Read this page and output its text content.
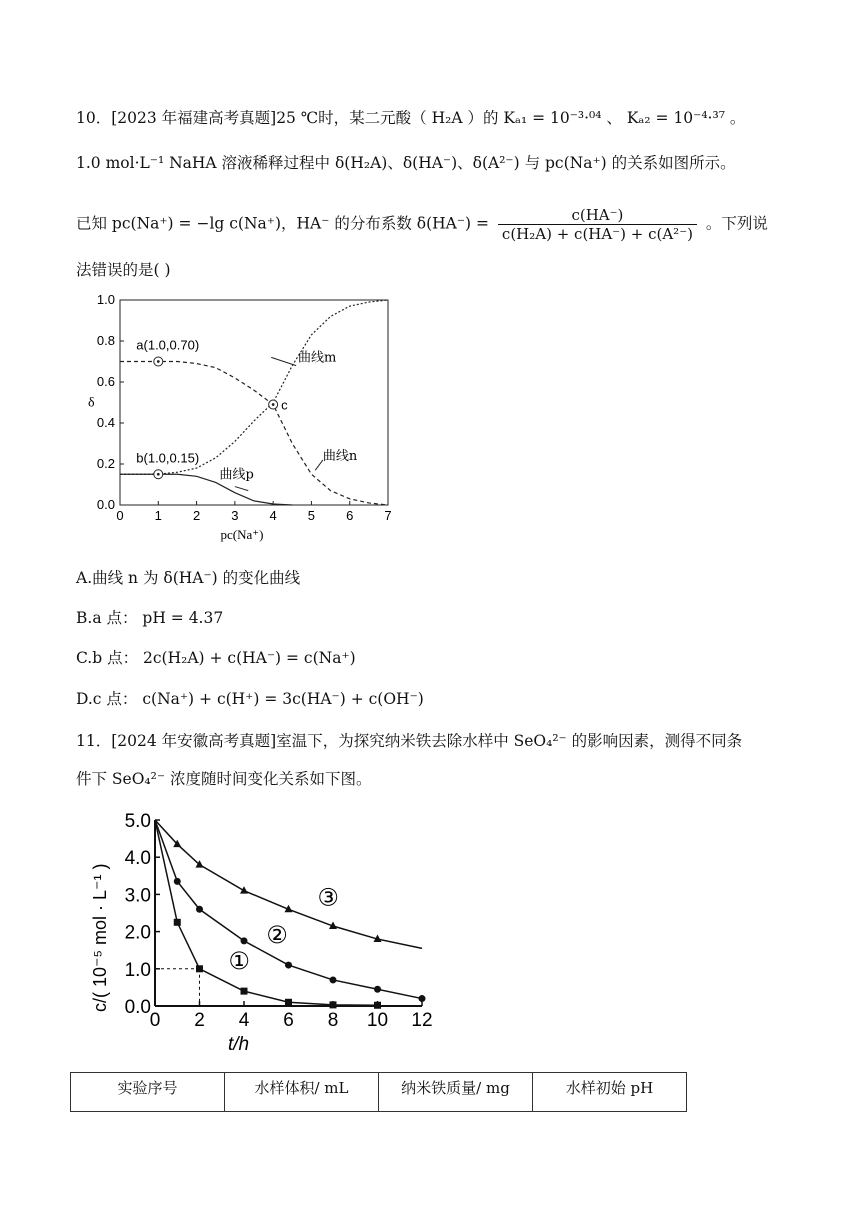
10．[2023 年福建高考真题]25 ℃时，某二元酸（ H₂A ）的 Kₐ₁ = 10⁻³·⁰⁴ 、 Kₐ₂ = 10⁻⁴·³⁷ 。
1.0 mol·L⁻¹ NaHA 溶液稀释过程中 δ(H₂A)、δ(HA⁻)、δ(A²⁻) 与 pc(Na⁺) 的关系如图所示。
已知 pc(Na⁺) = −lg c(Na⁺)，HA⁻ 的分布系数 $\delta(HA^-) = \frac{c(HA^-)}{\text{c(H₂A) + c(HA⁻) + c(A²⁻)}}$ 。下列说
法错误的是( )
0 1 2 3 4 5 6 7
0.0
0.2
0.4
0.6
0.8
1.0
pc(Na⁺)
δ
曲线m
曲线n
曲线p
a(1.0,0.70)
b(1.0,0.15)
c
A.曲线 n 为 δ(HA⁻) 的变化曲线
B.a 点： pH = 4.37
C.b 点： 2c(H₂A) + c(HA⁻) = c(Na⁺)
D.c 点： c(Na⁺) + c(H⁺) = 3c(HA⁻) + c(OH⁻)
11．[2024 年安徽高考真题]室温下，为探究纳米铁去除水样中 SeO₄²⁻ 的影响因素，测得不同条
件下 SeO₄²⁻ 浓度随时间变化关系如下图。
0 2 4 6 8 10 12
0.0
1.0
2.0
3.0
4.0
5.0
t/h
c/( 10⁻⁵ mol · L⁻¹ )	①
②
③
实验序号	水样体积/ mL	纳米铁质量/ mg	水样初始 pH
